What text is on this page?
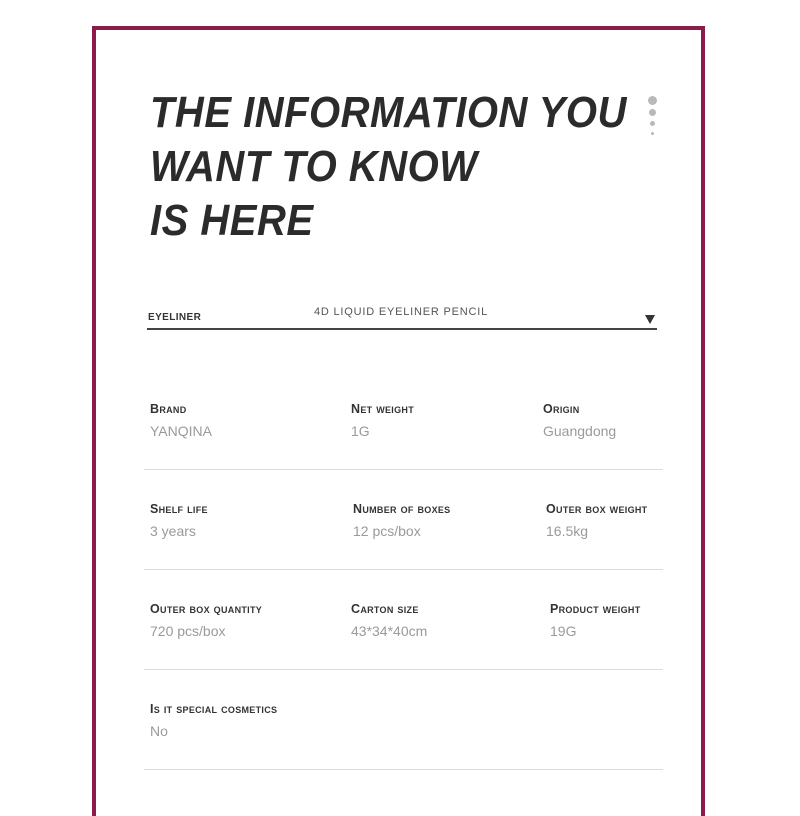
THE INFORMATION YOU
WANT TO KNOW
IS HERE
EYELINER	4D LIQUID EYELINER PENCIL
Brand
YANQINA
Net weight
1G
Origin
Guangdong
Shelf life
3 years
Number of boxes
12 pcs/box
Outer box weight
16.5kg
Outer box quantity
720 pcs/box
Carton size
43*34*40cm
Product weight
19G
Is it special cosmetics
No
